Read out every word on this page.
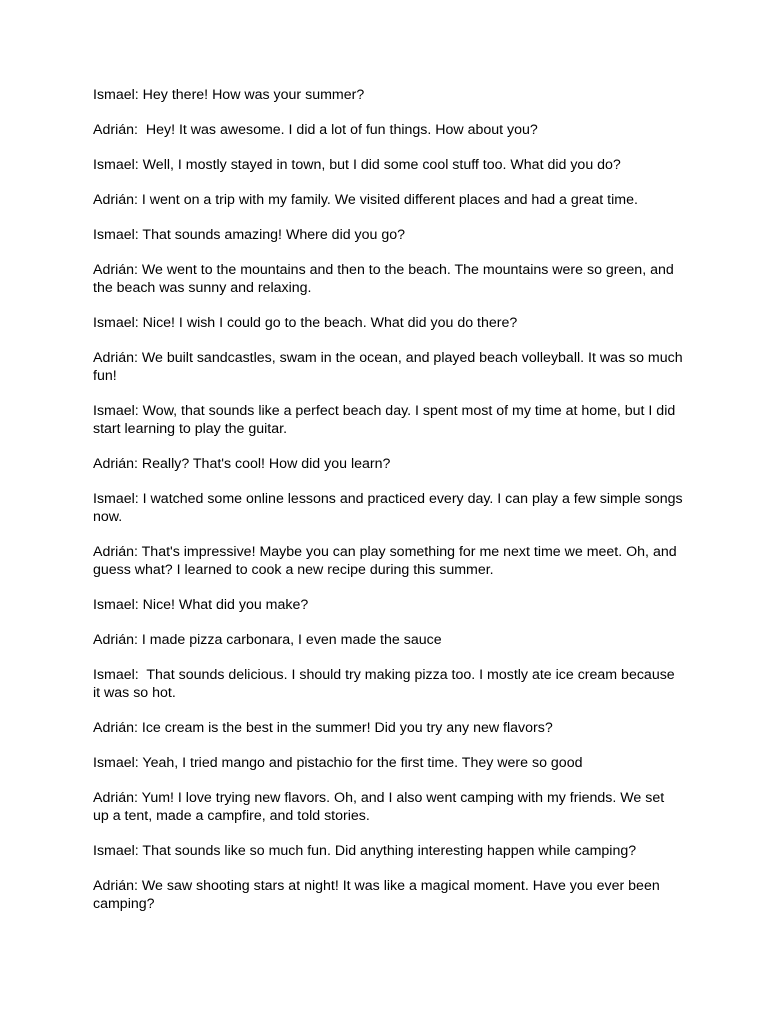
Ismael: Hey there! How was your summer?

Adrián:  Hey! It was awesome. I did a lot of fun things. How about you?

Ismael: Well, I mostly stayed in town, but I did some cool stuff too. What did you do?

Adrián: I went on a trip with my family. We visited different places and had a great time.

Ismael: That sounds amazing! Where did you go?

Adrián: We went to the mountains and then to the beach. The mountains were so green, and the beach was sunny and relaxing.

Ismael: Nice! I wish I could go to the beach. What did you do there?

Adrián: We built sandcastles, swam in the ocean, and played beach volleyball. It was so much fun!

Ismael: Wow, that sounds like a perfect beach day. I spent most of my time at home, but I did start learning to play the guitar.

Adrián: Really? That's cool! How did you learn?

Ismael: I watched some online lessons and practiced every day. I can play a few simple songs now.

Adrián: That's impressive! Maybe you can play something for me next time we meet. Oh, and guess what? I learned to cook a new recipe during this summer.

Ismael: Nice! What did you make?

Adrián: I made pizza carbonara, I even made the sauce

Ismael:  That sounds delicious. I should try making pizza too. I mostly ate ice cream because it was so hot.

Adrián: Ice cream is the best in the summer! Did you try any new flavors?

Ismael: Yeah, I tried mango and pistachio for the first time. They were so good

Adrián: Yum! I love trying new flavors. Oh, and I also went camping with my friends. We set up a tent, made a campfire, and told stories.

Ismael: That sounds like so much fun. Did anything interesting happen while camping?

Adrián: We saw shooting stars at night! It was like a magical moment. Have you ever been camping?
